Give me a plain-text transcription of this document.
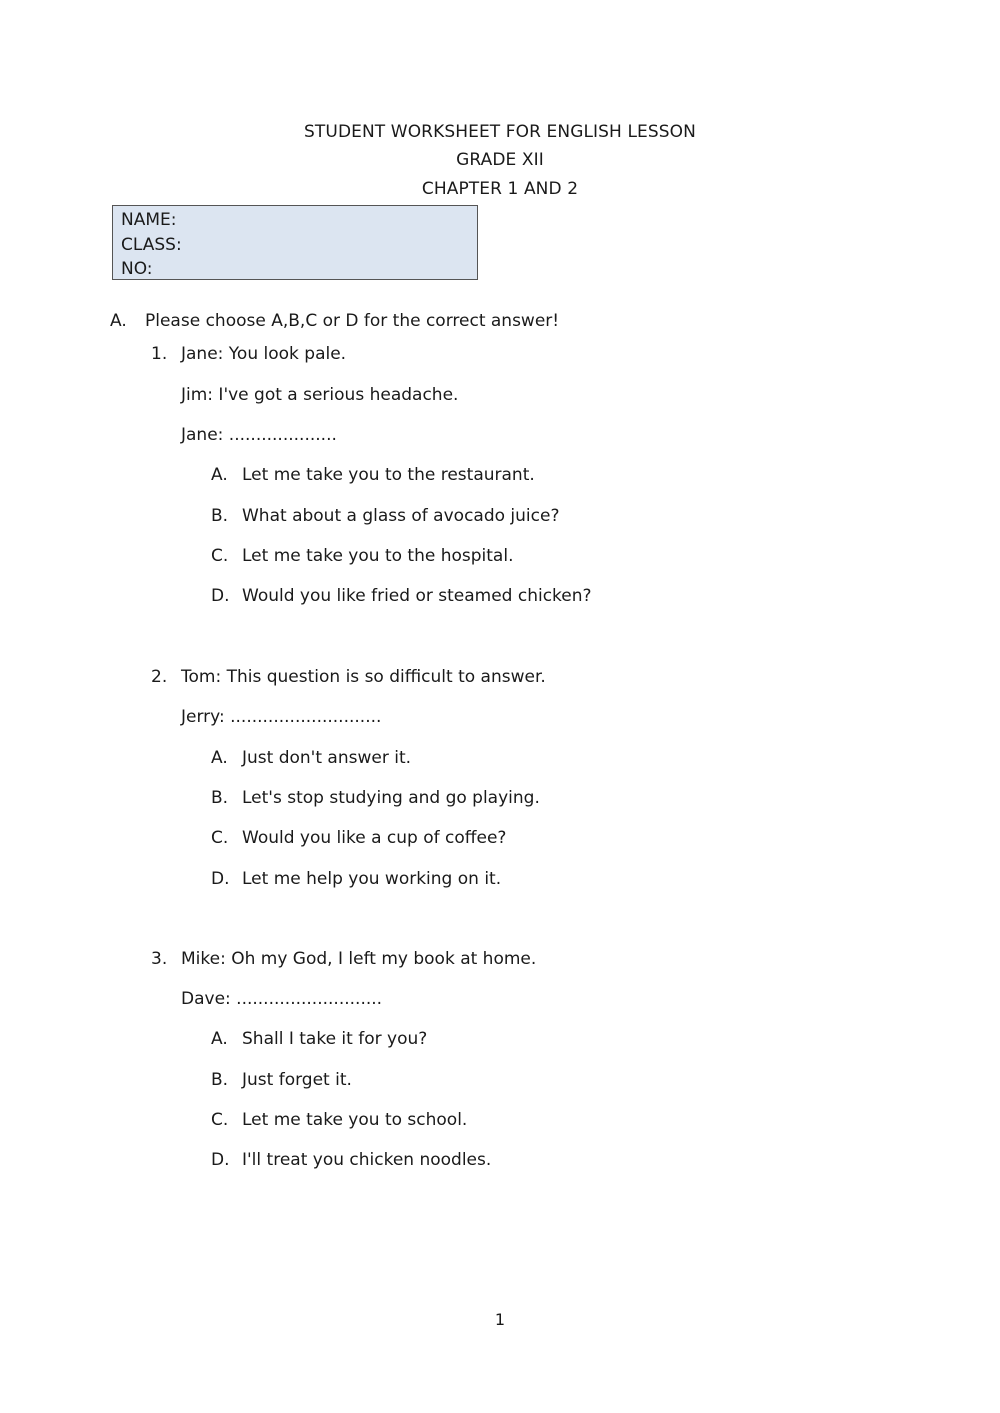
STUDENT WORKSHEET FOR ENGLISH LESSON
GRADE XII
CHAPTER 1 AND 2
NAME:
CLASS:
NO:
A. Please choose A,B,C or D for the correct answer!
1. Jane: You look pale.
Jim: I've got a serious headache.
Jane: ....................
A. Let me take you to the restaurant.
B. What about a glass of avocado juice?
C. Let me take you to the hospital.
D. Would you like fried or steamed chicken?
2. Tom: This question is so difficult to answer.
Jerry: ............................
A. Just don't answer it.
B. Let's stop studying and go playing.
C. Would you like a cup of coffee?
D. Let me help you working on it.
3. Mike: Oh my God, I left my book at home.
Dave: ...........................
A. Shall I take it for you?
B. Just forget it.
C. Let me take you to school.
D. I'll treat you chicken noodles.
1
